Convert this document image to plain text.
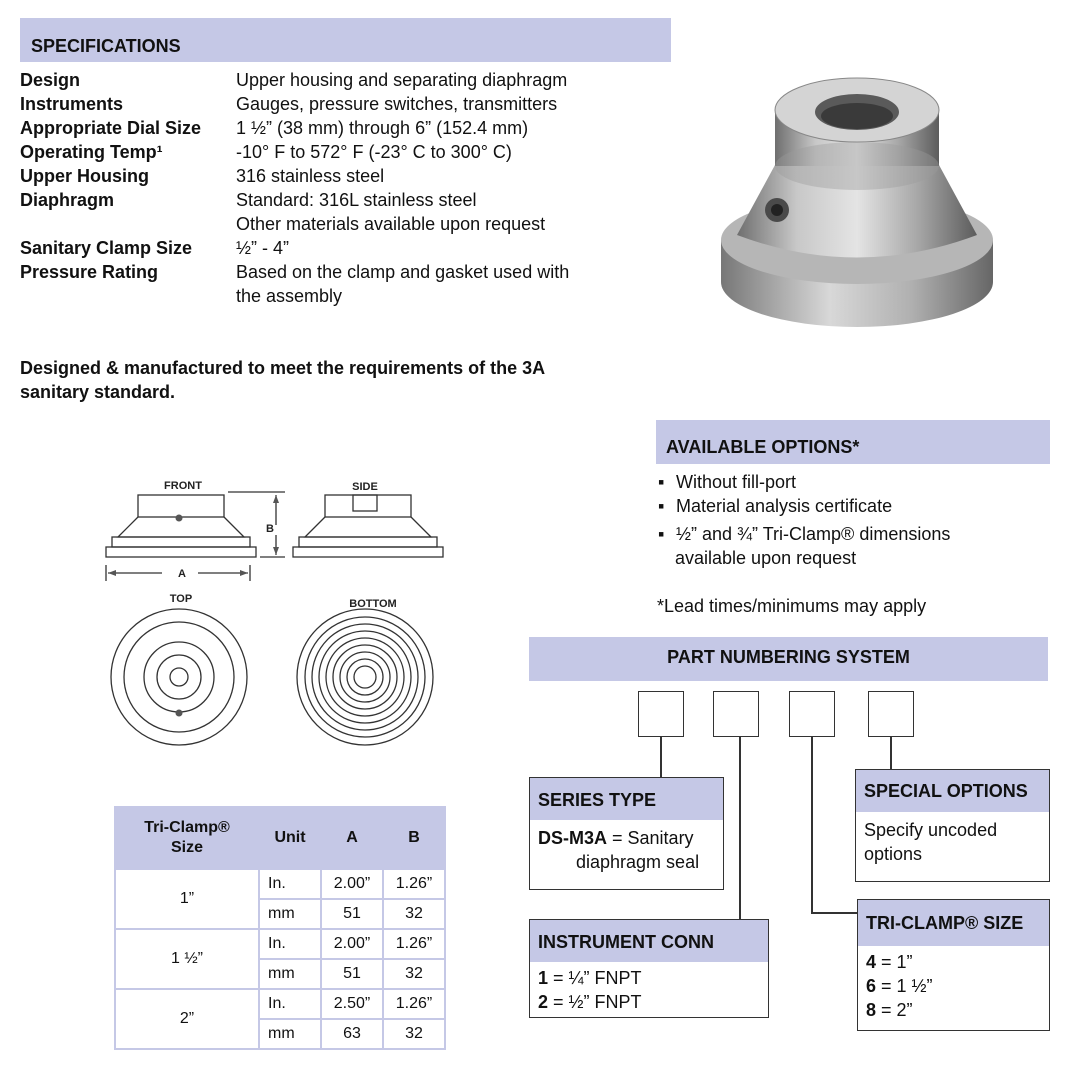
SPECIFICATIONS
Design	Upper housing and separating diaphragm
Instruments	Gauges, pressure switches, transmitters
Appropriate Dial Size 1 ½” (38 mm) through 6” (152.4 mm)
Operating Temp¹	-10° F to 572° F (-23° C to 300° C)
Upper Housing	316 stainless steel
Diaphragm	Standard: 316L stainless steel
Other materials available upon request
Sanitary Clamp Size ½” - 4”
Pressure Rating	Based on the clamp and gasket used with
the assembly
Designed & manufactured to meet the requirements of the 3A
sanitary standard.
FRONT	SIDE
B
A
TOP	BOTTOM
Tri-Clamp®
Size	Unit	A	B
1”	In.	2.00”	1.26”
	mm	51	32
1 ½”	In.	2.00”	1.26”
	mm	51	32
2”	In.	2.50”	1.26”
	mm	63	32
AVAILABLE OPTIONS*
▪ Without fill-port
▪ Material analysis certificate
▪ ½” and ¾” Tri-Clamp® dimensions
available upon request
*Lead times/minimums may apply
PART NUMBERING SYSTEM
SERIES TYPE
DS-M3A = Sanitary
diaphragm seal
INSTRUMENT CONN
1 = ¼” FNPT
2 = ½” FNPT
SPECIAL OPTIONS
Specify uncoded
options
TRI-CLAMP® SIZE
4 = 1”
6 = 1 ½”
8 = 2”
